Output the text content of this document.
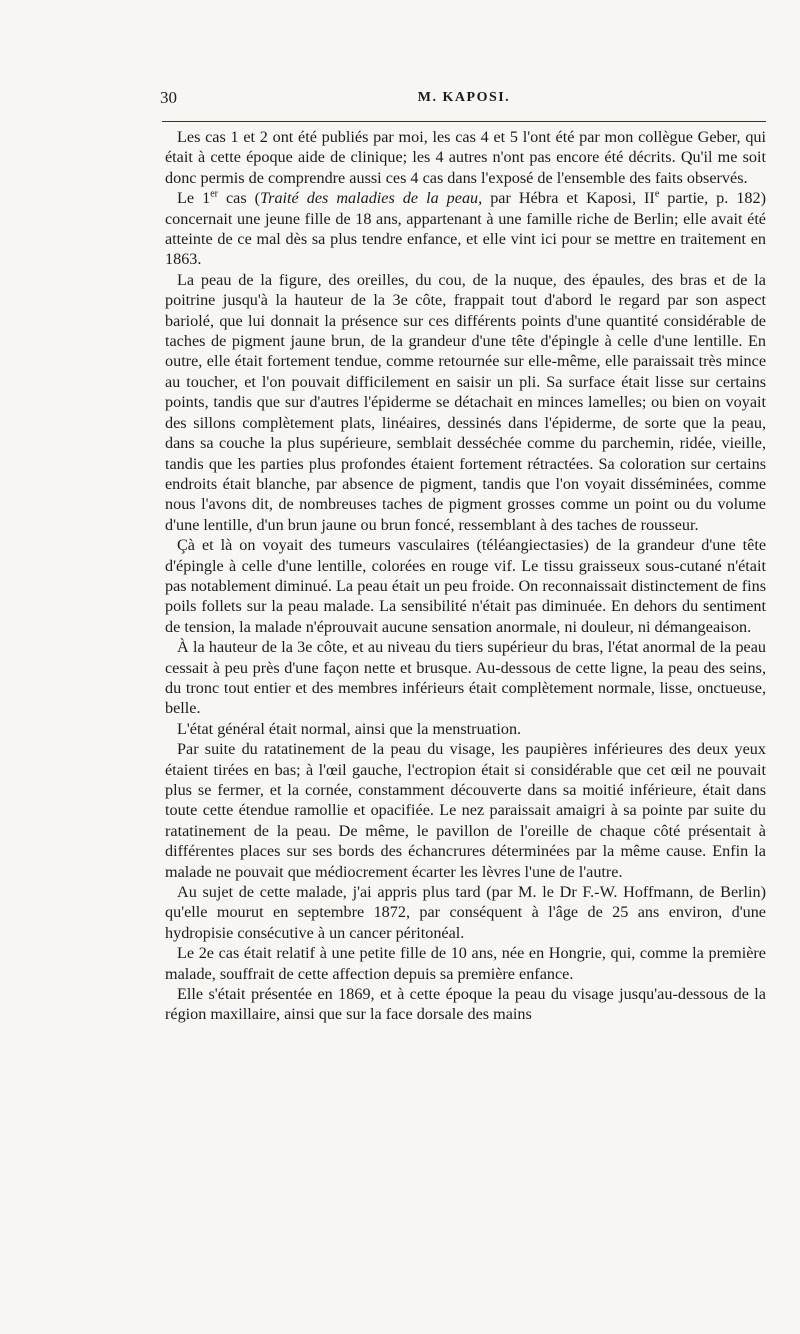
30	M. KAPOSI.

Les cas 1 et 2 ont été publiés par moi, les cas 4 et 5 l'ont été par mon collègue Geber, qui était à cette époque aide de clinique; les 4 autres n'ont pas encore été décrits. Qu'il me soit donc permis de comprendre aussi ces 4 cas dans l'exposé de l'ensemble des faits observés.

Le 1er cas (Traité des maladies de la peau, par Hébra et Kaposi, IIe partie, p. 182) concernait une jeune fille de 18 ans, appartenant à une famille riche de Berlin; elle avait été atteinte de ce mal dès sa plus tendre enfance, et elle vint ici pour se mettre en traitement en 1863.

La peau de la figure, des oreilles, du cou, de la nuque, des épaules, des bras et de la poitrine jusqu'à la hauteur de la 3e côte, frappait tout d'abord le regard par son aspect bariolé, que lui donnait la présence sur ces différents points d'une quantité considérable de taches de pigment jaune brun, de la grandeur d'une tête d'épingle à celle d'une lentille. En outre, elle était fortement tendue, comme retournée sur elle-même, elle paraissait très mince au toucher, et l'on pouvait difficilement en saisir un pli. Sa surface était lisse sur certains points, tandis que sur d'autres l'épiderme se détachait en minces lamelles; ou bien on voyait des sillons complètement plats, linéaires, dessinés dans l'épiderme, de sorte que la peau, dans sa couche la plus supérieure, semblait desséchée comme du parchemin, ridée, vieille, tandis que les parties plus profondes étaient fortement rétractées. Sa coloration sur certains endroits était blanche, par absence de pigment, tandis que l'on voyait disséminées, comme nous l'avons dit, de nombreuses taches de pigment grosses comme un point ou du volume d'une lentille, d'un brun jaune ou brun foncé, ressemblant à des taches de rousseur.

Çà et là on voyait des tumeurs vasculaires (téléangiectasies) de la grandeur d'une tête d'épingle à celle d'une lentille, colorées en rouge vif. Le tissu graisseux sous-cutané n'était pas notablement diminué. La peau était un peu froide. On reconnaissait distinctement de fins poils follets sur la peau malade. La sensibilité n'était pas diminuée. En dehors du sentiment de tension, la malade n'éprouvait aucune sensation anormale, ni douleur, ni démangeaison.

À la hauteur de la 3e côte, et au niveau du tiers supérieur du bras, l'état anormal de la peau cessait à peu près d'une façon nette et brusque. Au-dessous de cette ligne, la peau des seins, du tronc tout entier et des membres inférieurs était complètement normale, lisse, onctueuse, belle.

L'état général était normal, ainsi que la menstruation.

Par suite du ratatinement de la peau du visage, les paupières inférieures des deux yeux étaient tirées en bas; à l'œil gauche, l'ectropion était si considérable que cet œil ne pouvait plus se fermer, et la cornée, constamment découverte dans sa moitié inférieure, était dans toute cette étendue ramollie et opacifiée. Le nez paraissait amaigri à sa pointe par suite du ratatinement de la peau. De même, le pavillon de l'oreille de chaque côté présentait à différentes places sur ses bords des échancrures déterminées par la même cause. Enfin la malade ne pouvait que médiocrement écarter les lèvres l'une de l'autre.

Au sujet de cette malade, j'ai appris plus tard (par M. le Dr F.-W. Hoffmann, de Berlin) qu'elle mourut en septembre 1872, par conséquent à l'âge de 25 ans environ, d'une hydropisie consécutive à un cancer péritonéal.

Le 2e cas était relatif à une petite fille de 10 ans, née en Hongrie, qui, comme la première malade, souffrait de cette affection depuis sa première enfance.

Elle s'était présentée en 1869, et à cette époque la peau du visage jusqu'au-dessous de la région maxillaire, ainsi que sur la face dorsale des mains
